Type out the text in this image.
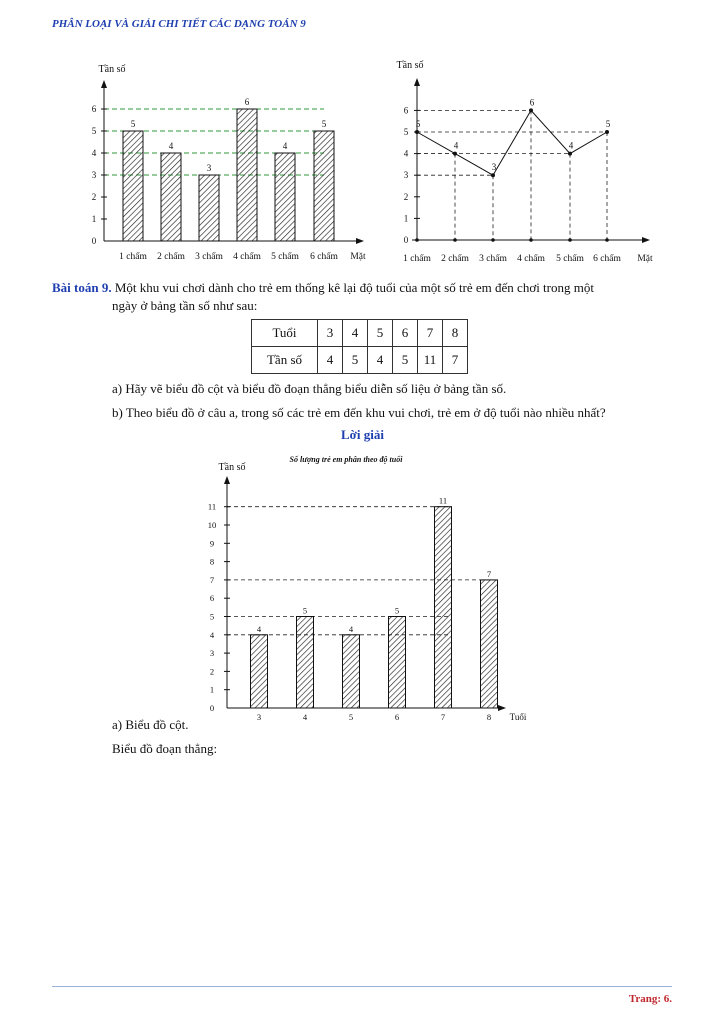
PHÂN LOẠI VÀ GIẢI CHI TIẾT CÁC DẠNG TOÁN 9
Tần số
0
1
2
3
4
5
6
5
1 chấm
4
2 chấm
3
3 chấm
6
4 chấm
4
5 chấm
5
6 chấm Mặt
Tần số
0
1
2
3
4
5
6
5
1 chấm
4
2 chấm
3
3 chấm
6
4 chấm
4
5 chấm
5
6 chấm Mặt
Bài toán 9. Một khu vui chơi dành cho trẻ em thống kê lại độ tuổi của một số trẻ em đến chơi trong một
ngày ở bảng tần số như sau:
Tuổi	3	4	5	6	7	8
Tần số	4	5	4	5	11	7
a) Hãy vẽ biểu đồ cột và biểu đồ đoạn thẳng biểu diễn số liệu ở bảng tần số.
b) Theo biểu đồ ở câu a, trong số các trẻ em đến khu vui chơi, trẻ em ở độ tuổi nào nhiều nhất?
Lời giải
Số lượng trẻ em phân theo độ tuổi
Tần số
0
1
2
3
4
5
6
7
8
9
10
11
4
3
5
4
4
5
5
6
11
7
7
8 Tuổi
a) Biểu đồ cột.
Biểu đồ đoạn thẳng:
Trang: 6.
